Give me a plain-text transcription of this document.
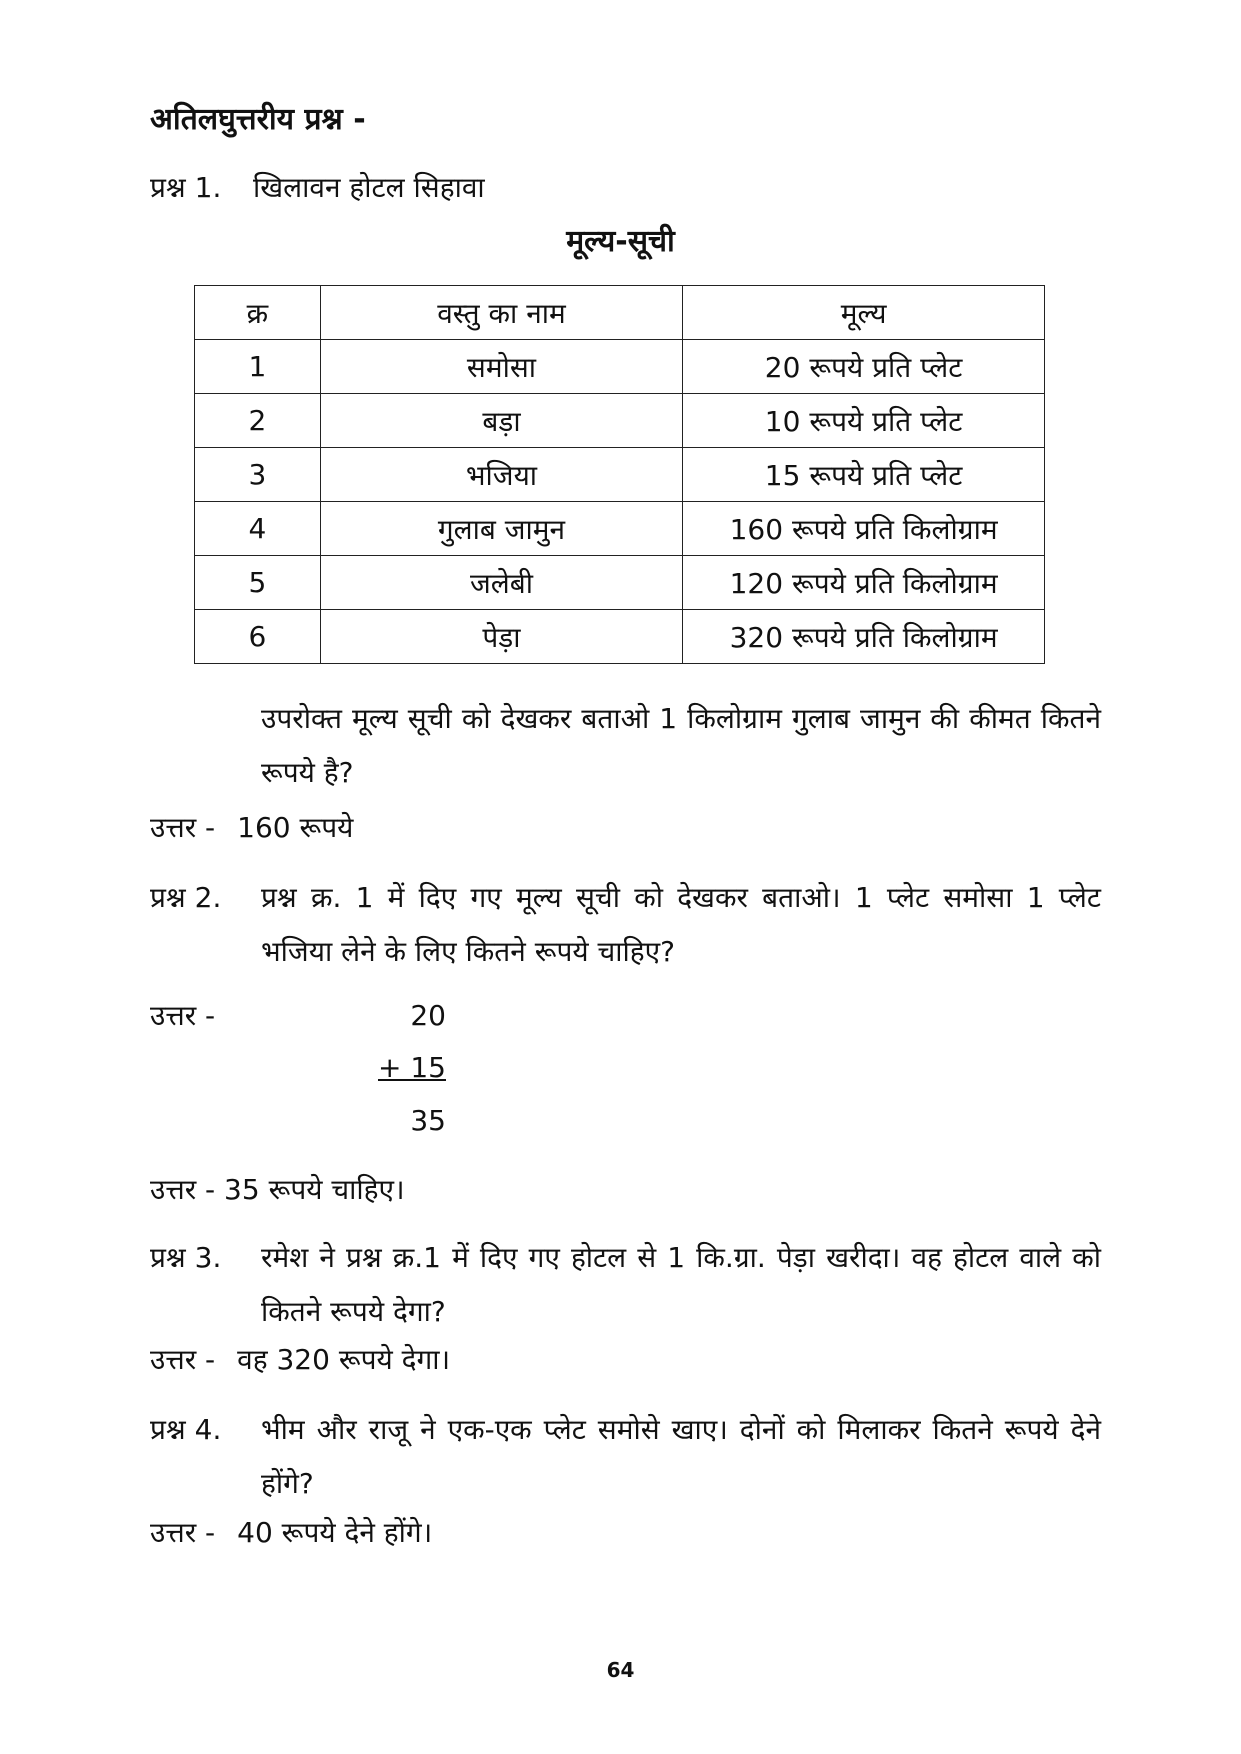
अतिलघुत्तरीय प्रश्न -
प्रश्न 1. खिलावन होटल सिहावा
मूल्य-सूची
क्र	वस्तु का नाम	मूल्य
1	समोसा	20 रूपये प्रति प्लेट
2	बड़ा	10 रूपये प्रति प्लेट
3	भजिया	15 रूपये प्रति प्लेट
4	गुलाब जामुन	160 रूपये प्रति किलोग्राम
5	जलेबी	120 रूपये प्रति किलोग्राम
6	पेड़ा	320 रूपये प्रति किलोग्राम
उपरोक्त मूल्य सूची को देखकर बताओ 1 किलोग्राम गुलाब जामुन की कीमत कितने रूपये है?
उत्तर - 160 रूपये
प्रश्न 2. प्रश्न क्र. 1 में दिए गए मूल्य सूची को देखकर बताओ। 1 प्लेट समोसा 1 प्लेट भजिया लेने के लिए कितने रूपये चाहिए?
उत्तर -	20
+ 15
35
उत्तर - 35 रूपये चाहिए।
प्रश्न 3. रमेश ने प्रश्न क्र.1 में दिए गए होटल से 1 कि.ग्रा. पेड़ा खरीदा। वह होटल वाले को कितने रूपये देगा?
उत्तर - वह 320 रूपये देगा।
प्रश्न 4. भीम और राजू ने एक-एक प्लेट समोसे खाए। दोनों को मिलाकर कितने रूपये देने होंगे?
उत्तर - 40 रूपये देने होंगे।
64
